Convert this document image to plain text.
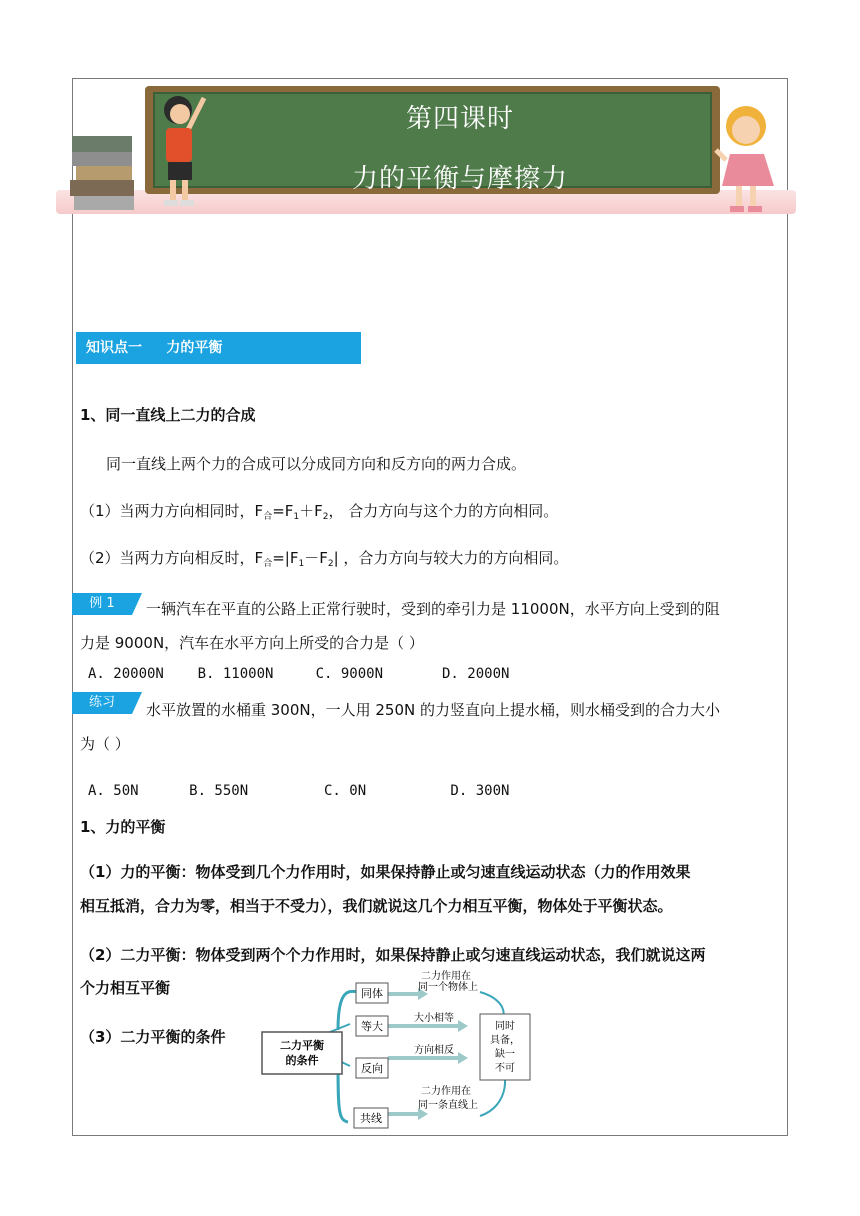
第四课时
力的平衡与摩擦力
知识点一     力的平衡
1、同一直线上二力的合成
同一直线上两个力的合成可以分成同方向和反方向的两力合成。
（1）当两力方向相同时，$F_合=F_1+F_2$， 合力方向与这个力的方向相同。
（2）当两力方向相反时，$F_合=|F_1-F_2|$ ，合力方向与较大力的方向相同。
例 1	一辆汽车在平直的公路上正常行驶时，受到的牵引力是 11000N，水平方向上受到的阻
力是 9000N，汽车在水平方向上所受的合力是（ ）
A. 20000N    B. 11000N     C. 9000N       D. 2000N
练习	水平放置的水桶重 300N，一人用 250N 的力竖直向上提水桶，则水桶受到的合力大小
为（ ）
A. 50N      B. 550N         C. 0N          D. 300N
1、力的平衡
（1）力的平衡：物体受到几个力作用时，如果保持静止或匀速直线运动状态（力的作用效果
相互抵消，合力为零，相当于不受力），我们就说这几个力相互平衡，物体处于平衡状态。
（2）二力平衡：物体受到两个个力作用时，如果保持静止或匀速直线运动状态，我们就说这两
个力相互平衡
（3）二力平衡的条件	二力平衡
的条件
同体
等大
反向
共线
二力作用在
同一个物体上
大小相等
方向相反
二力作用在
同一条直线上
同时
具备，
缺一
不可
